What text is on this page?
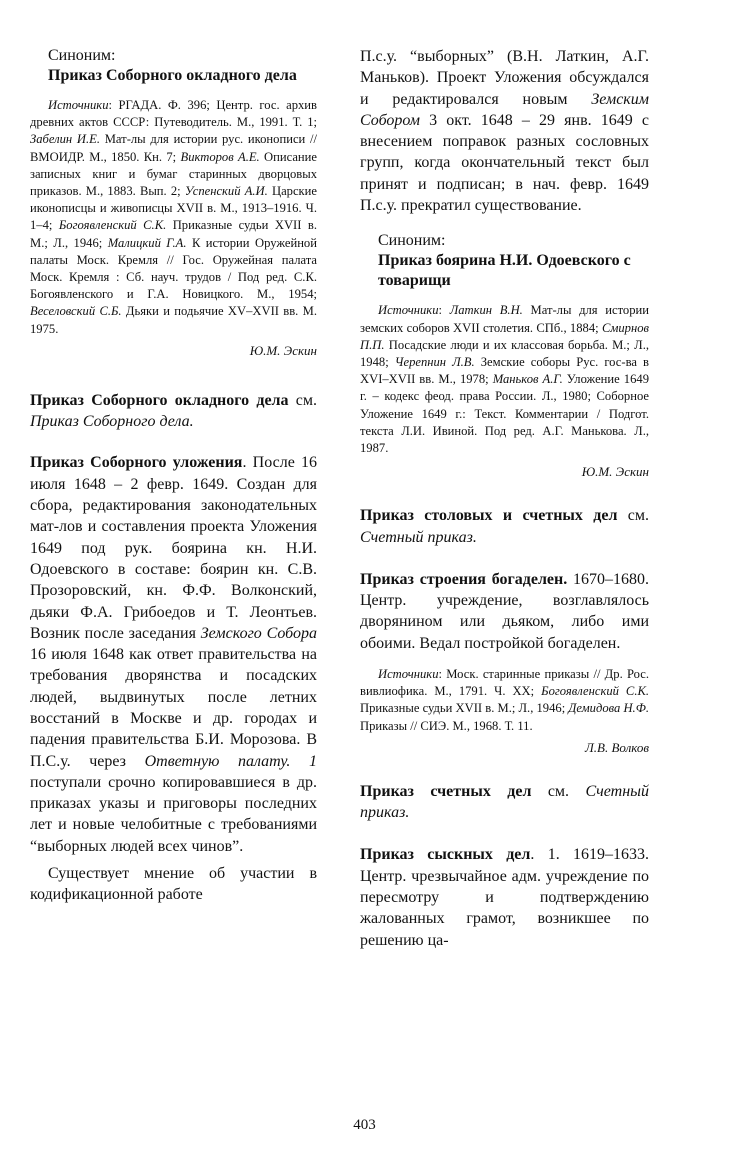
Синоним:

Приказ Соборного окладного дела

Источники: РГАДА. Ф. 396; Центр. гос. архив древних актов СССР: Путеводитель. М., 1991. Т. 1; Забелин И.Е. Мат-лы для истории рус. иконописи // ВМОИДР. М., 1850. Кн. 7; Викторов А.Е. Описание записных книг и бумаг старинных дворцовых приказов. М., 1883. Вып. 2; Успенский А.И. Царские иконописцы и живописцы XVII в. М., 1913–1916. Ч. 1–4; Богоявленский С.К. Приказные судьи XVII в. М.; Л., 1946; Малицкий Г.А. К истории Оружейной палаты Моск. Кремля // Гос. Оружейная палата Моск. Кремля : Сб. науч. трудов / Под ред. С.К. Богоявленского и Г.А. Новицкого. М., 1954; Веселовский С.Б. Дьяки и подьячие XV–XVII вв. М. 1975.

Ю.М. Эскин

Приказ Соборного окладного дела см. Приказ Соборного дела.

Приказ Соборного уложения. После 16 июля 1648 – 2 февр. 1649. Создан для сбора, редактирования законодательных мат-лов и составления проекта Уложения 1649 под рук. боярина кн. Н.И. Одоевского в составе: боярин кн. С.В. Прозоровский, кн. Ф.Ф. Волконский, дьяки Ф.А. Грибоедов и Т. Леонтьев. Возник после заседания Земского Собора 16 июля 1648 как ответ правительства на требования дворянства и посадских людей, выдвинутых после летних восстаний в Москве и др. городах и падения правительства Б.И. Морозова. В П.С.у. через Ответную палату. 1 поступали срочно копировавшиеся в др. приказах указы и приговоры последних лет и новые челобитные с требованиями “выборных людей всех чинов”.

Существует мнение об участии в кодификационной работе

П.с.у. “выборных” (В.Н. Латкин, А.Г. Маньков). Проект Уложения обсуждался и редактировался новым Земским Собором 3 окт. 1648 – 29 янв. 1649 с внесением поправок разных сословных групп, когда окончательный текст был принят и подписан; в нач. февр. 1649 П.с.у. прекратил существование.

Синоним:

Приказ боярина Н.И. Одоевского с товарищи

Источники: Латкин В.Н. Мат-лы для истории земских соборов XVII столетия. СПб., 1884; Смирнов П.П. Посадские люди и их классовая борьба. М.; Л., 1948; Черепнин Л.В. Земские соборы Рус. гос-ва в XVI–XVII вв. М., 1978; Маньков А.Г. Уложение 1649 г. – кодекс феод. права России. Л., 1980; Соборное Уложение 1649 г.: Текст. Комментарии / Подгот. текста Л.И. Ивиной. Под ред. А.Г. Манькова. Л., 1987.

Ю.М. Эскин

Приказ столовых и счетных дел см. Счетный приказ.

Приказ строения богаделен. 1670–1680. Центр. учреждение, возглавлялось дворянином или дьяком, либо ими обоими. Ведал постройкой богаделен.

Источники: Моск. старинные приказы // Др. Рос. вивлиофика. М., 1791. Ч. XX; Богоявленский С.К. Приказные судьи XVII в. М.; Л., 1946; Демидова Н.Ф. Приказы // СИЭ. М., 1968. Т. 11.

Л.В. Волков

Приказ счетных дел см. Счетный приказ.

Приказ сыскных дел. 1. 1619–1633. Центр. чрезвычайное адм. учреждение по пересмотру и подтверждению жалованных грамот, возникшее по решению ца-

403
